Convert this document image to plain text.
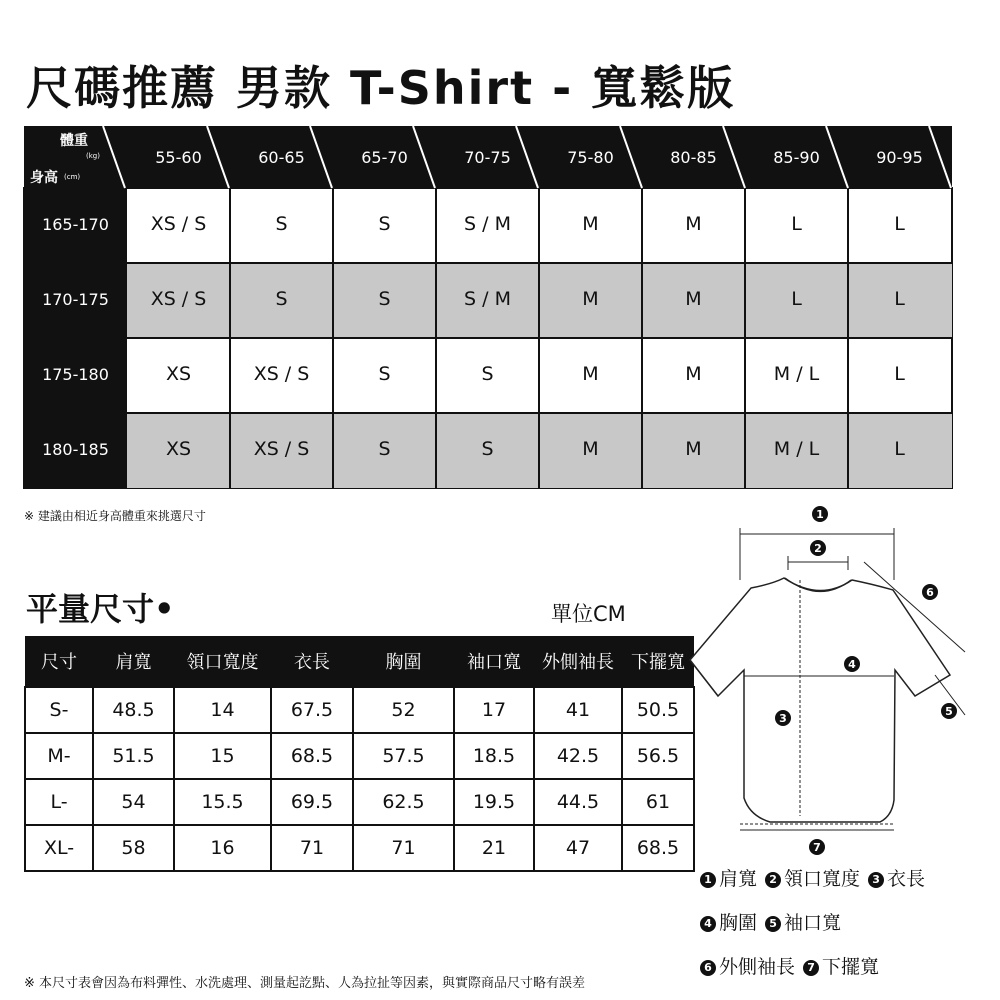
尺碼推薦 男款 T-Shirt - 寬鬆版
165-170	XS / S	S	S	S / M	M	M	L	L
170-175	XS / S	S	S	S / M	M	M	L	L
175-180	XS	XS / S	S	S	M	M	M / L	L
180-185	XS	XS / S	S	S	M	M	M / L	L
體重
(kg)
身高 (cm)
55-60	60-65	65-70	70-75	75-80	80-85	85-90	90-95
※ 建議由相近身高體重來挑選尺寸
平量尺寸•	單位CM
尺寸	肩寬	領口寬度	衣長	胸圍	袖口寬	外側袖長	下擺寬
S-	48.5	14	67.5	52	17	41	50.5
M-	51.5	15	68.5	57.5	18.5	42.5	56.5
L-	54	15.5	69.5	62.5	19.5	44.5	61
XL-	58	16	71	71	21	47	68.5
1
2
3
4
5
6
7
1 肩寬 2 領口寬度 3 衣長
4 胸圍 5 袖口寬
6 外側袖長 7 下擺寬
※ 本尺寸表會因為布料彈性、水洗處理、測量起訖點、人為拉扯等因素，與實際商品尺寸略有誤差
